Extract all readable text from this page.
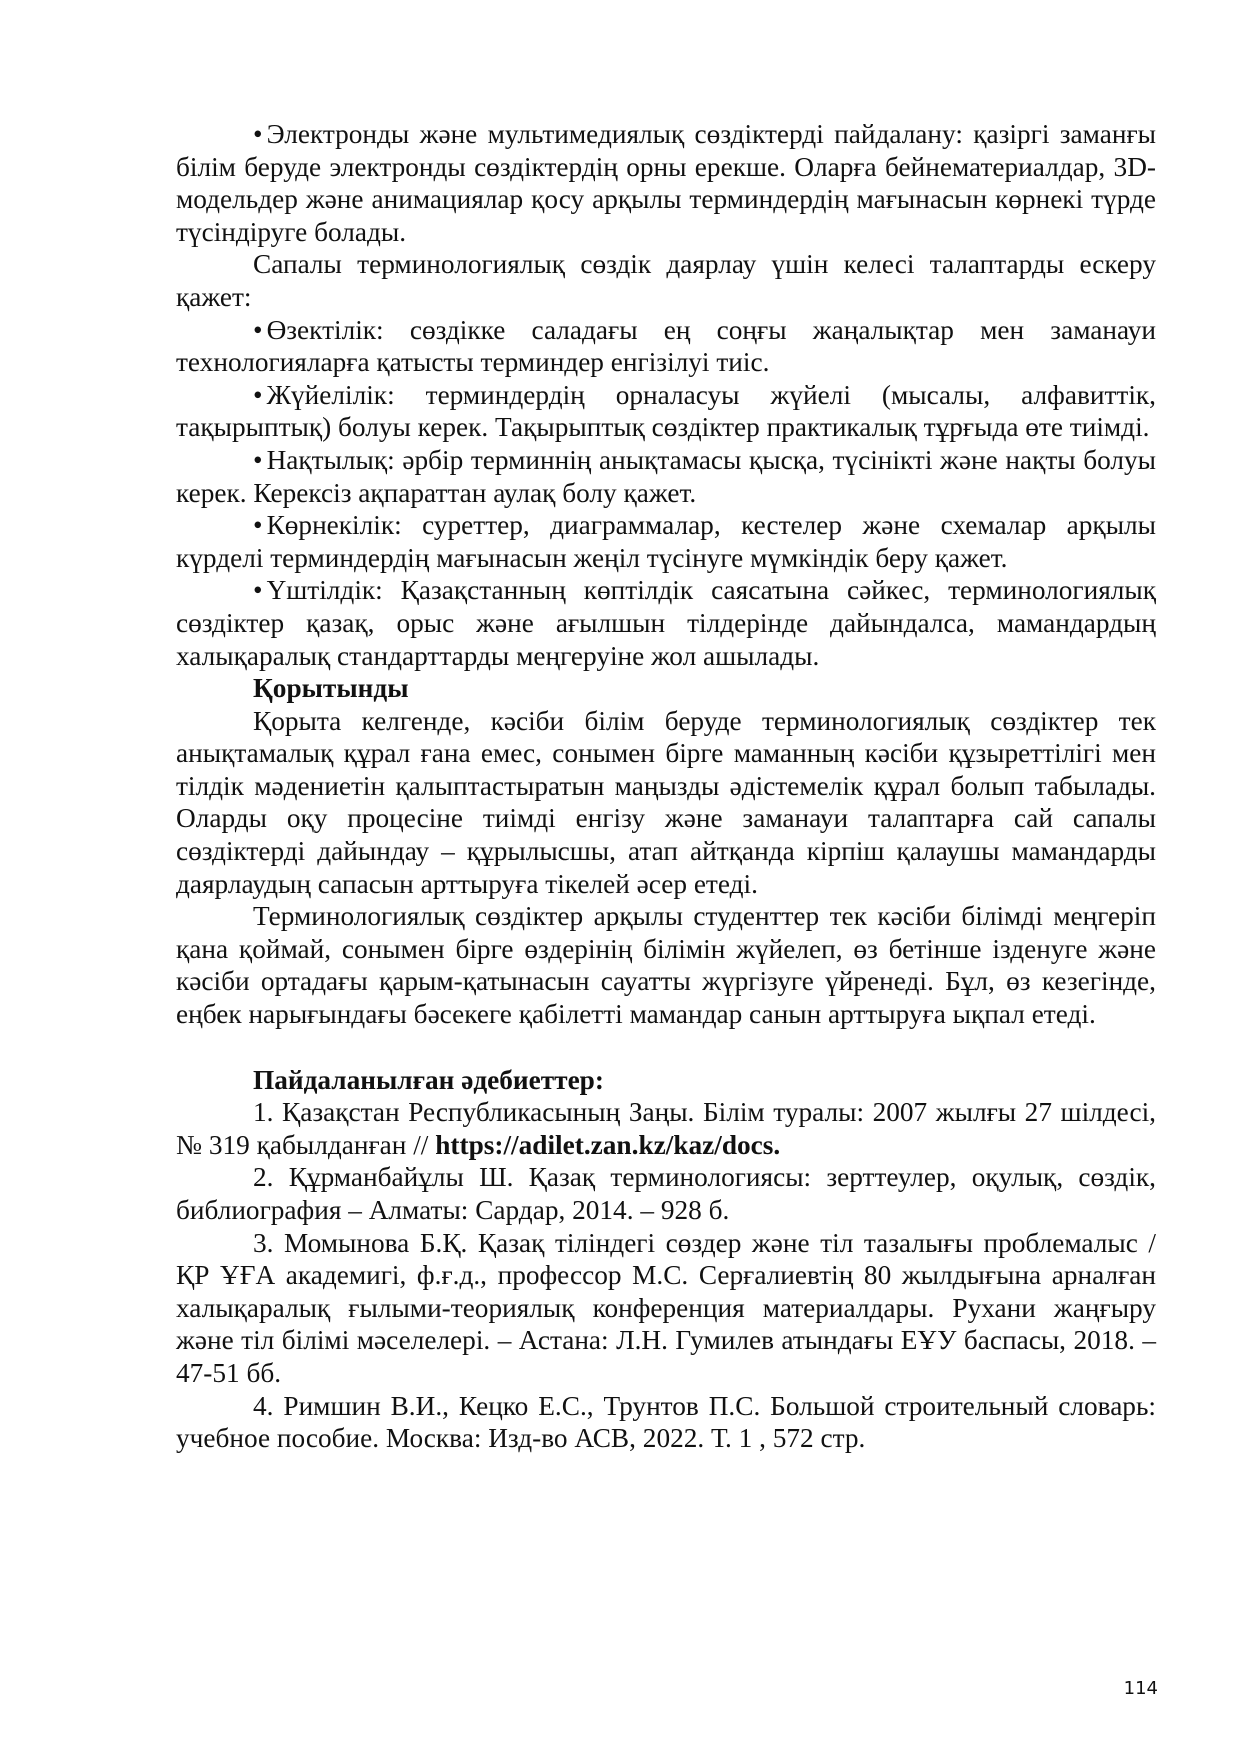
• Электронды және мультимедиялық сөздіктерді пайдалану: қазіргі заманғы білім беруде электронды сөздіктердің орны ерекше. Оларға бейнематериалдар, 3D-модельдер және анимациялар қосу арқылы терминдердің мағынасын көрнекі түрде түсіндіруге болады.

Сапалы терминологиялық сөздік даярлау үшін келесі талаптарды ескеру қажет:

• Өзектілік: сөздікке саладағы ең соңғы жаңалықтар мен заманауи технологияларға қатысты терминдер енгізілуі тиіс.

• Жүйелілік: терминдердің орналасуы жүйелі (мысалы, алфавиттік, тақырыптық) болуы керек. Тақырыптық сөздіктер практикалық тұрғыда өте тиімді.

• Нақтылық: әрбір терминнің анықтамасы қысқа, түсінікті және нақты болуы керек. Керексіз ақпараттан аулақ болу қажет.

• Көрнекілік: суреттер, диаграммалар, кестелер және схемалар арқылы күрделі терминдердің мағынасын жеңіл түсінуге мүмкіндік беру қажет.

• Үштілдік: Қазақстанның көптілдік саясатына сәйкес, терминологиялық сөздіктер қазақ, орыс және ағылшын тілдерінде дайындалса, мамандардың халықаралық стандарттарды меңгеруіне жол ашылады.

Қорытынды

Қорыта келгенде, кәсіби білім беруде терминологиялық сөздіктер тек анықтамалық құрал ғана емес, сонымен бірге маманның кәсіби құзыреттілігі мен тілдік мәдениетін қалыптастыратын маңызды әдістемелік құрал болып табылады. Оларды оқу процесіне тиімді енгізу және заманауи талаптарға сай сапалы сөздіктерді дайындау – құрылысшы, атап айтқанда кірпіш қалаушы мамандарды даярлаудың сапасын арттыруға тікелей әсер етеді.

Терминологиялық сөздіктер арқылы студенттер тек кәсіби білімді меңгеріп қана қоймай, сонымен бірге өздерінің білімін жүйелеп, өз бетінше ізденуге және кәсіби ортадағы қарым-қатынасын сауатты жүргізуге үйренеді. Бұл, өз кезегінде, еңбек нарығындағы бәсекеге қабілетті мамандар санын арттыруға ықпал етеді.

Пайдаланылған әдебиеттер:

1. Қазақстан Республикасының Заңы. Білім туралы: 2007 жылғы 27 шілдесі, № 319 қабылданған // https://adilet.zan.kz/kaz/docs.

2. Құрманбайұлы Ш. Қазақ терминологиясы: зерттеулер, оқулық, сөздік, библиография – Алматы: Сардар, 2014. – 928 б.

3. Момынова Б.Қ. Қазақ тіліндегі сөздер және тіл тазалығы проблемалыс / ҚР ҰҒА академигі, ф.ғ.д., профессор М.С. Серғалиевтің 80 жылдығына арналған халықаралық ғылыми-теориялық конференция материалдары. Рухани жаңғыру және тіл білімі мәселелері. – Астана: Л.Н. Гумилев атындағы ЕҰУ баспасы, 2018. – 47-51 бб.

4. Римшин В.И., Кецко Е.С., Трунтов П.С. Большой строительный словарь: учебное пособие. Москва: Изд-во АСВ, 2022. Т. 1 , 572 стр.

114
